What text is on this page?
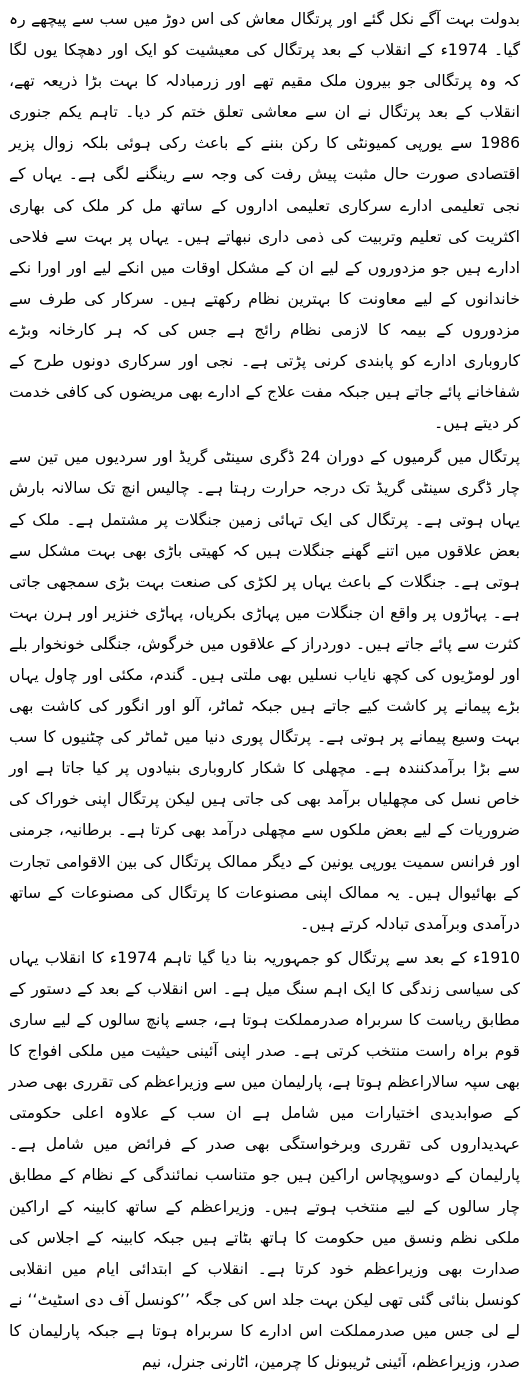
بدولت بہت آگے نکل گئے اور پرتگال معاش کی اس دوڑ میں سب سے پیچھے رہ گیا۔ 1974ء کے انقلاب کے بعد پرتگال کی معیشیت کو ایک اور دھچکا یوں لگا کہ وہ پرتگالی جو بیرون ملک مقیم تھے اور زرمبادلہ کا بہت بڑا ذریعہ تھے، انقلاب کے بعد پرتگال نے ان سے معاشی تعلق ختم کر دیا۔ تاہم یکم جنوری 1986 سے یورپی کمیونٹی کا رکن بننے کے باعث رکی ہوئی بلکہ زوال پزیر اقتصادی صورت حال مثبت پیش رفت کی وجہ سے رینگنے لگی ہے۔ یہاں کے نجی تعلیمی ادارے سرکاری تعلیمی اداروں کے ساتھ مل کر ملک کی بھاری اکثریت کی تعلیم وتربیت کی ذمی داری نبھاتے ہیں۔ یہاں پر بہت سے فلاحی ادارے ہیں جو مزدوروں کے لیے ان کے مشکل اوقات میں انکے لیے اور اورا نکے خاندانوں کے لیے معاونت کا بہترین نظام رکھتے ہیں۔ سرکار کی طرف سے مزدوروں کے بیمہ کا لازمی نظام رائج ہے جس کی کہ ہر کارخانہ وبڑے کاروباری ادارے کو پابندی کرنی پڑتی ہے۔ نجی اور سرکاری دونوں طرح کے شفاخانے پائے جاتے ہیں جبکہ مفت علاج کے ادارے بھی مریضوں کی کافی خدمت کر دیتے ہیں۔

پرتگال میں گرمیوں کے دوران 24 ڈگری سینٹی گریڈ اور سردیوں میں تین سے چار ڈگری سینٹی گریڈ تک درجہ حرارت رہتا ہے۔ چالیس انچ تک سالانہ بارش یہاں ہوتی ہے۔ پرتگال کی ایک تہائی زمین جنگلات پر مشتمل ہے۔ ملک کے بعض علاقوں میں اتنے گھنے جنگلات ہیں کہ کھیتی باڑی بھی بہت مشکل سے ہوتی ہے۔ جنگلات کے باعث یہاں پر لکڑی کی صنعت بہت بڑی سمجھی جاتی ہے۔ پہاڑوں پر واقع ان جنگلات میں پہاڑی بکریاں، پہاڑی خنزیر اور ہرن بہت کثرت سے پائے جاتے ہیں۔ دوردراز کے علاقوں میں خرگوش، جنگلی خونخوار بلے اور لومڑیوں کی کچھ نایاب نسلیں بھی ملتی ہیں۔ گندم، مکئی اور چاول یہاں بڑے پیمانے پر کاشت کیے جاتے ہیں جبکہ ٹماٹر، آلو اور انگور کی کاشت بھی بہت وسیع پیمانے پر ہوتی ہے۔ پرتگال پوری دنیا میں ٹماٹر کی چٹنیوں کا سب سے بڑا برآمدکنندہ ہے۔ مچھلی کا شکار کاروباری بنیادوں پر کیا جاتا ہے اور خاص نسل کی مچھلیاں برآمد بھی کی جاتی ہیں لیکن پرتگال اپنی خوراک کی ضروریات کے لیے بعض ملکوں سے مچھلی درآمد بھی کرتا ہے۔ برطانیہ، جرمنی اور فرانس سمیت یورپی یونین کے دیگر ممالک پرتگال کی بین الاقوامی تجارت کے بھائیوال ہیں۔ یہ ممالک اپنی مصنوعات کا پرتگال کی مصنوعات کے ساتھ درآمدی وبرآمدی تبادلہ کرتے ہیں۔

1910ء کے بعد سے پرتگال کو جمہوریہ بنا دیا گیا تاہم 1974ء کا انقلاب یہاں کی سیاسی زندگی کا ایک اہم سنگ میل ہے۔ اس انقلاب کے بعد کے دستور کے مطابق ریاست کا سربراہ صدرمملکت ہوتا ہے، جسے پانچ سالوں کے لیے ساری قوم براہ راست منتخب کرتی ہے۔ صدر اپنی آئینی حیثیت میں ملکی افواج کا بھی سپہ سالاراعظم ہوتا ہے، پارلیمان میں سے وزیراعظم کی تقرری بھی صدر کے صوابدیدی اختیارات میں شامل ہے ان سب کے علاوہ اعلی حکومتی عہدیداروں کی تقرری وبرخواستگی بھی صدر کے فرائض میں شامل ہے۔ پارلیمان کے دوسوپچاس اراکین ہیں جو متناسب نمائندگی کے نظام کے مطابق چار سالوں کے لیے منتخب ہوتے ہیں۔ وزیراعظم کے ساتھ کابینہ کے اراکین ملکی نظم ونسق میں حکومت کا ہاتھ بٹاتے ہیں جبکہ کابینہ کے اجلاس کی صدارت بھی وزیراعظم خود کرتا ہے۔ انقلاب کے ابتدائی ایام میں انقلابی کونسل بنائی گئی تھی لیکن بہت جلد اس کی جگہ ’’کونسل آف دی اسٹیٹ‘‘ نے لے لی جس میں صدرمملکت اس ادارے کا سربراہ ہوتا ہے جبکہ پارلیمان کا صدر، وزیراعظم، آئینی ٹریبونل کا چرمین، اٹارنی جنرل، نیم
